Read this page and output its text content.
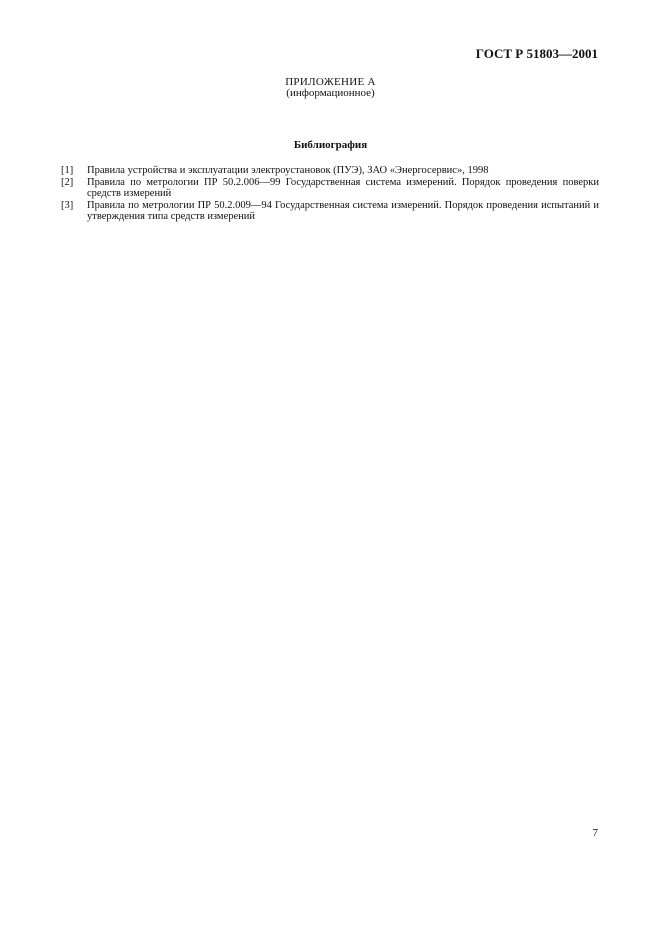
ГОСТ Р 51803—2001
ПРИЛОЖЕНИЕ А
(информационное)
Библиография
[1]	Правила устройства и эксплуатации электроустановок (ПУЭ), ЗАО «Энергосервис», 1998
[2]	Правила по метрологии ПР 50.2.006—99 Государственная система измерений. Порядок проведения поверки средств измерений
[3]	Правила по метрологии ПР 50.2.009—94 Государственная система измерений. Порядок проведения испытаний и утверждения типа средств измерений
7
